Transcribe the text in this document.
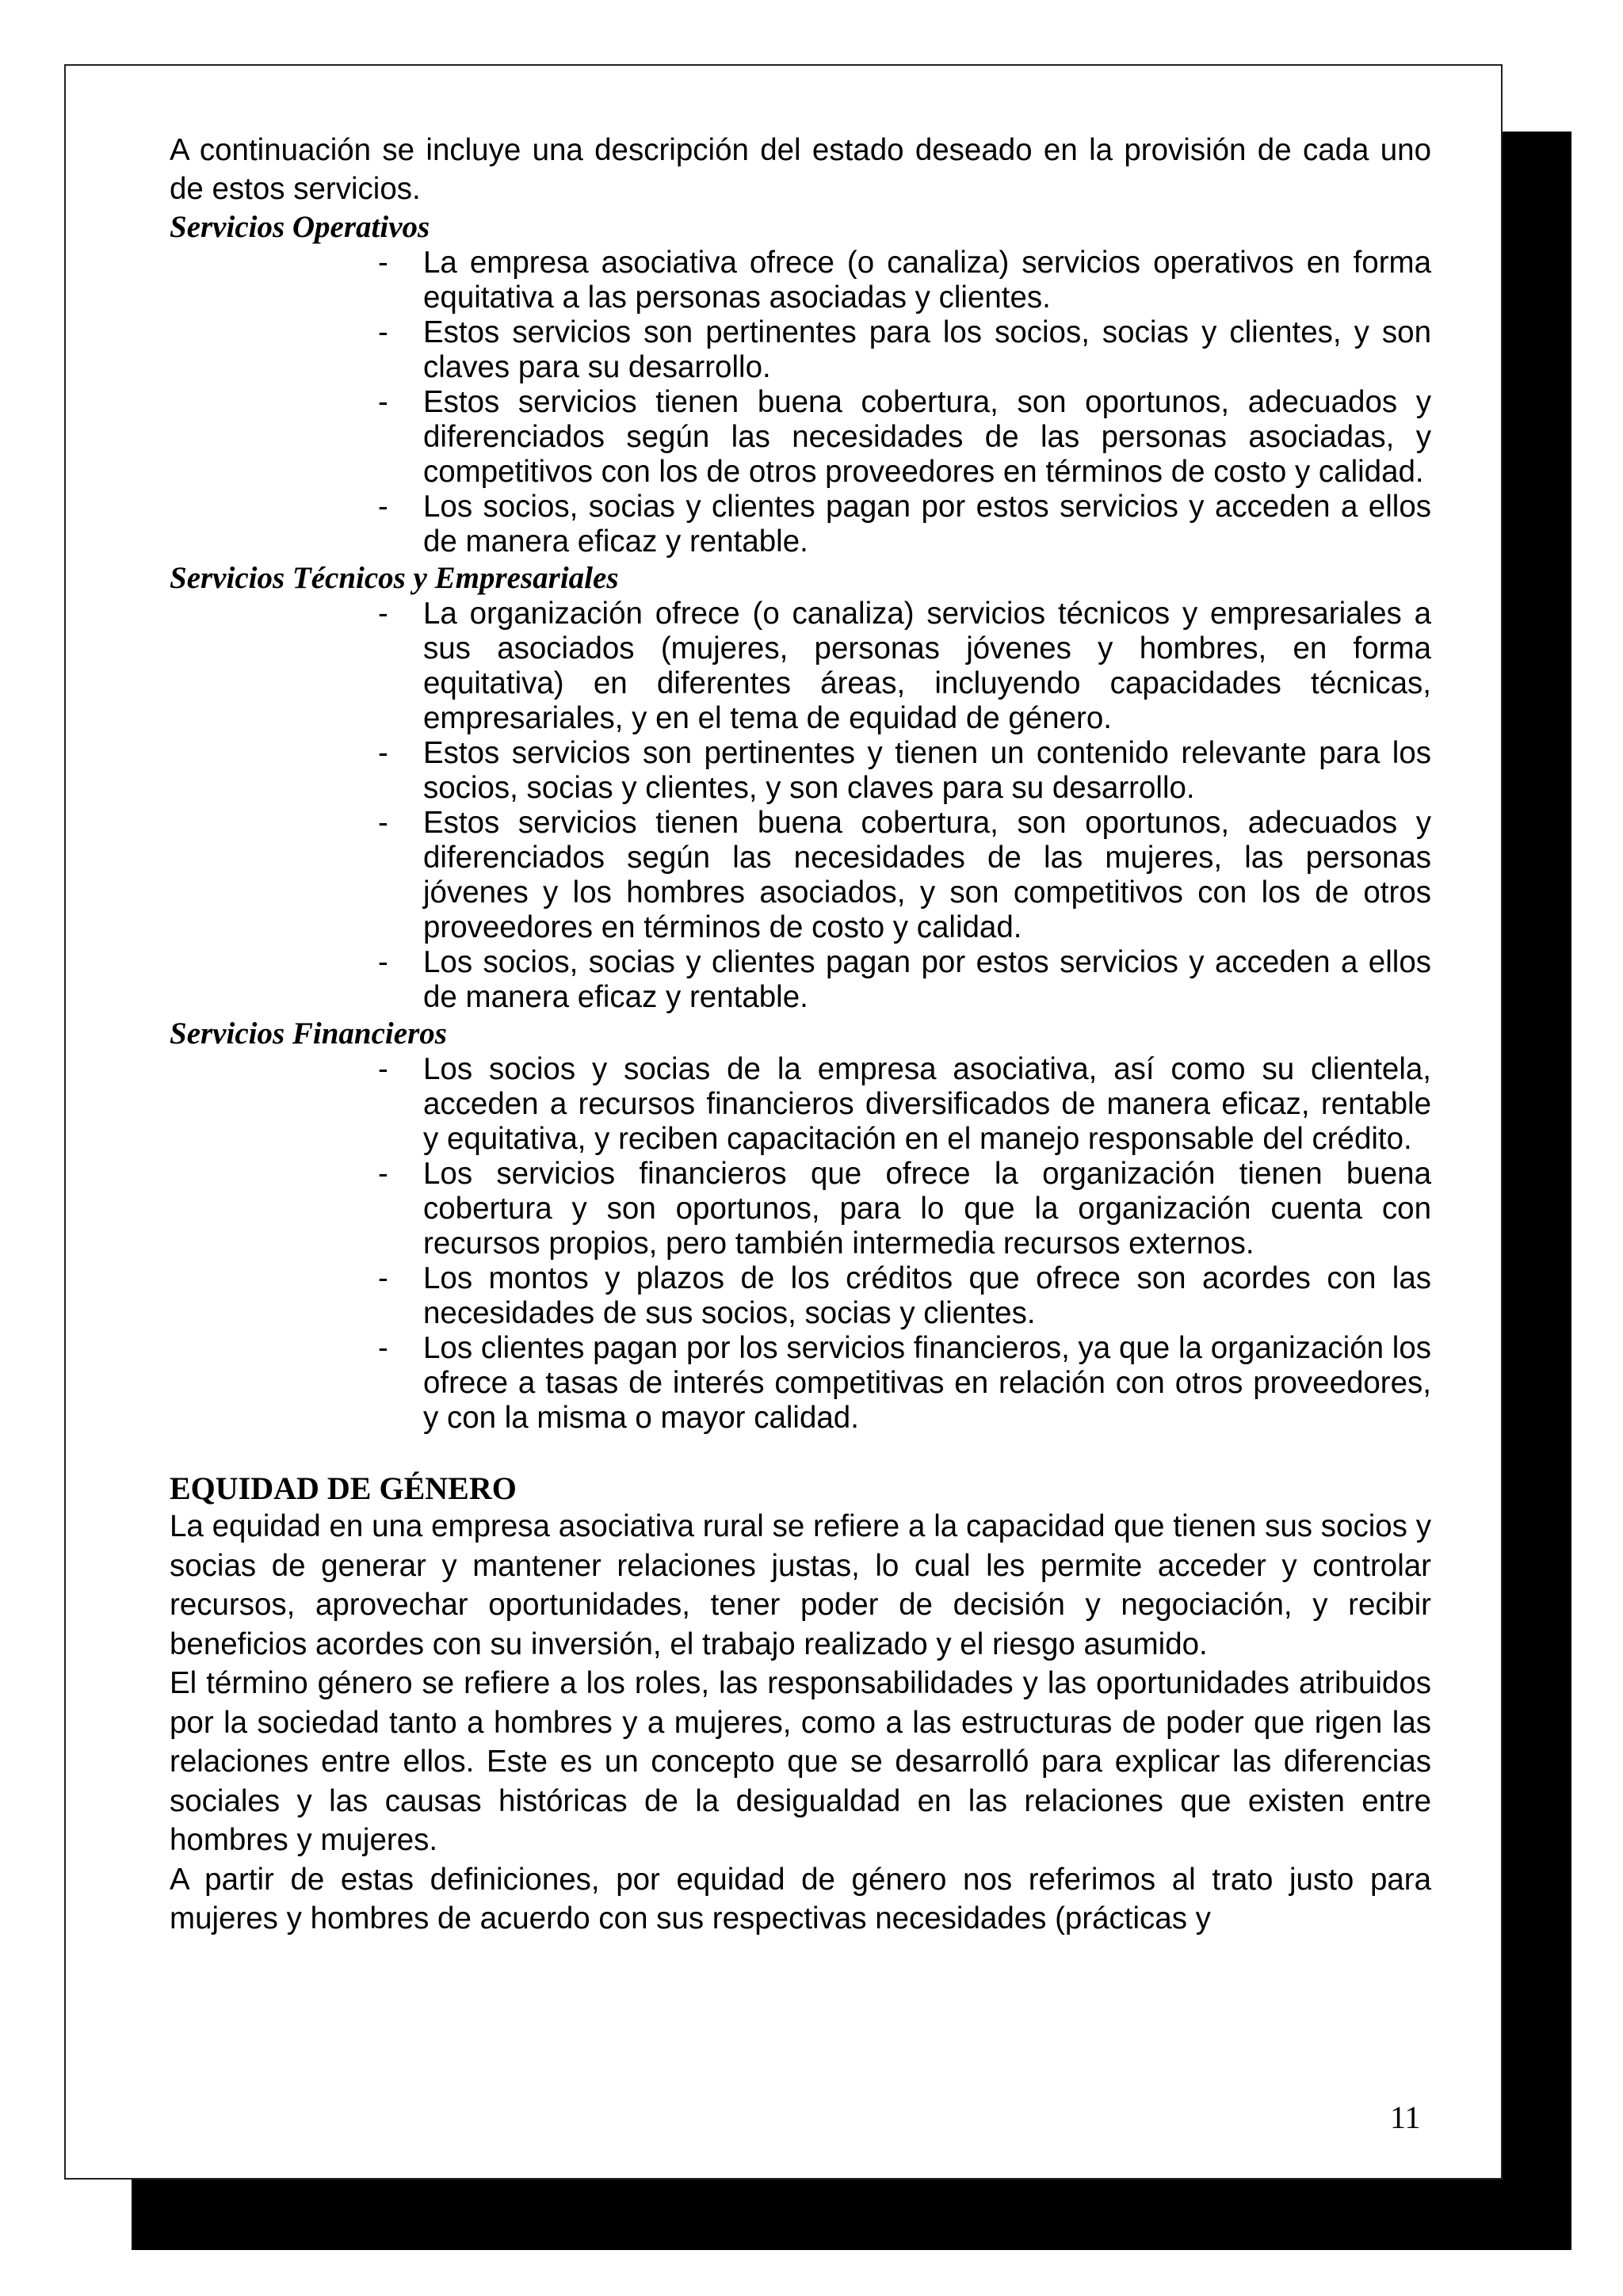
A continuación se incluye una descripción del estado deseado en la provisión de cada uno de estos servicios.

Servicios Operativos
-	La empresa asociativa ofrece (o canaliza) servicios operativos en forma equitativa a las personas asociadas y clientes.
-	Estos servicios son pertinentes para los socios, socias y clientes, y son claves para su desarrollo.
-	Estos servicios tienen buena cobertura, son oportunos, adecuados y diferenciados según las necesidades de las personas asociadas, y competitivos con los de otros proveedores en términos de costo y calidad.
-	Los socios, socias y clientes pagan por estos servicios y acceden a ellos de manera eficaz y rentable.
Servicios Técnicos y Empresariales
-	La organización ofrece (o canaliza) servicios técnicos y empresariales a sus asociados (mujeres, personas jóvenes y hombres, en forma equitativa) en diferentes áreas, incluyendo capacidades técnicas, empresariales, y en el tema de equidad de género.
-	Estos servicios son pertinentes y tienen un contenido relevante para los socios, socias y clientes, y son claves para su desarrollo.
-	Estos servicios tienen buena cobertura, son oportunos, adecuados y diferenciados según las necesidades de las mujeres, las personas jóvenes y los hombres asociados, y son competitivos con los de otros proveedores en términos de costo y calidad.
-	Los socios, socias y clientes pagan por estos servicios y acceden a ellos de manera eficaz y rentable.
Servicios Financieros
-	Los socios y socias de la empresa asociativa, así como su clientela, acceden a recursos financieros diversificados de manera eficaz, rentable y equitativa, y reciben capacitación en el manejo responsable del crédito.
-	Los servicios financieros que ofrece la organización tienen buena cobertura y son oportunos, para lo que la organización cuenta con recursos propios, pero también intermedia recursos externos.
-	Los montos y plazos de los créditos que ofrece son acordes con las necesidades de sus socios, socias y clientes.
-	Los clientes pagan por los servicios financieros, ya que la organización los ofrece a tasas de interés competitivas en relación con otros proveedores, y con la misma o mayor calidad.
EQUIDAD DE GÉNERO

La equidad en una empresa asociativa rural se refiere a la capacidad que tienen sus socios y socias de generar y mantener relaciones justas, lo cual les permite acceder y controlar recursos, aprovechar oportunidades, tener poder de decisión y negociación, y recibir beneficios acordes con su inversión, el trabajo realizado y el riesgo asumido.

El término género se refiere a los roles, las responsabilidades y las oportunidades atribuidos por la sociedad tanto a hombres y a mujeres, como a las estructuras de poder que rigen las relaciones entre ellos. Este es un concepto que se desarrolló para explicar las diferencias sociales y las causas históricas de la desigualdad en las relaciones que existen entre hombres y mujeres.

A partir de estas definiciones, por equidad de género nos referimos al trato justo para mujeres y hombres de acuerdo con sus respectivas necesidades (prácticas y

11
